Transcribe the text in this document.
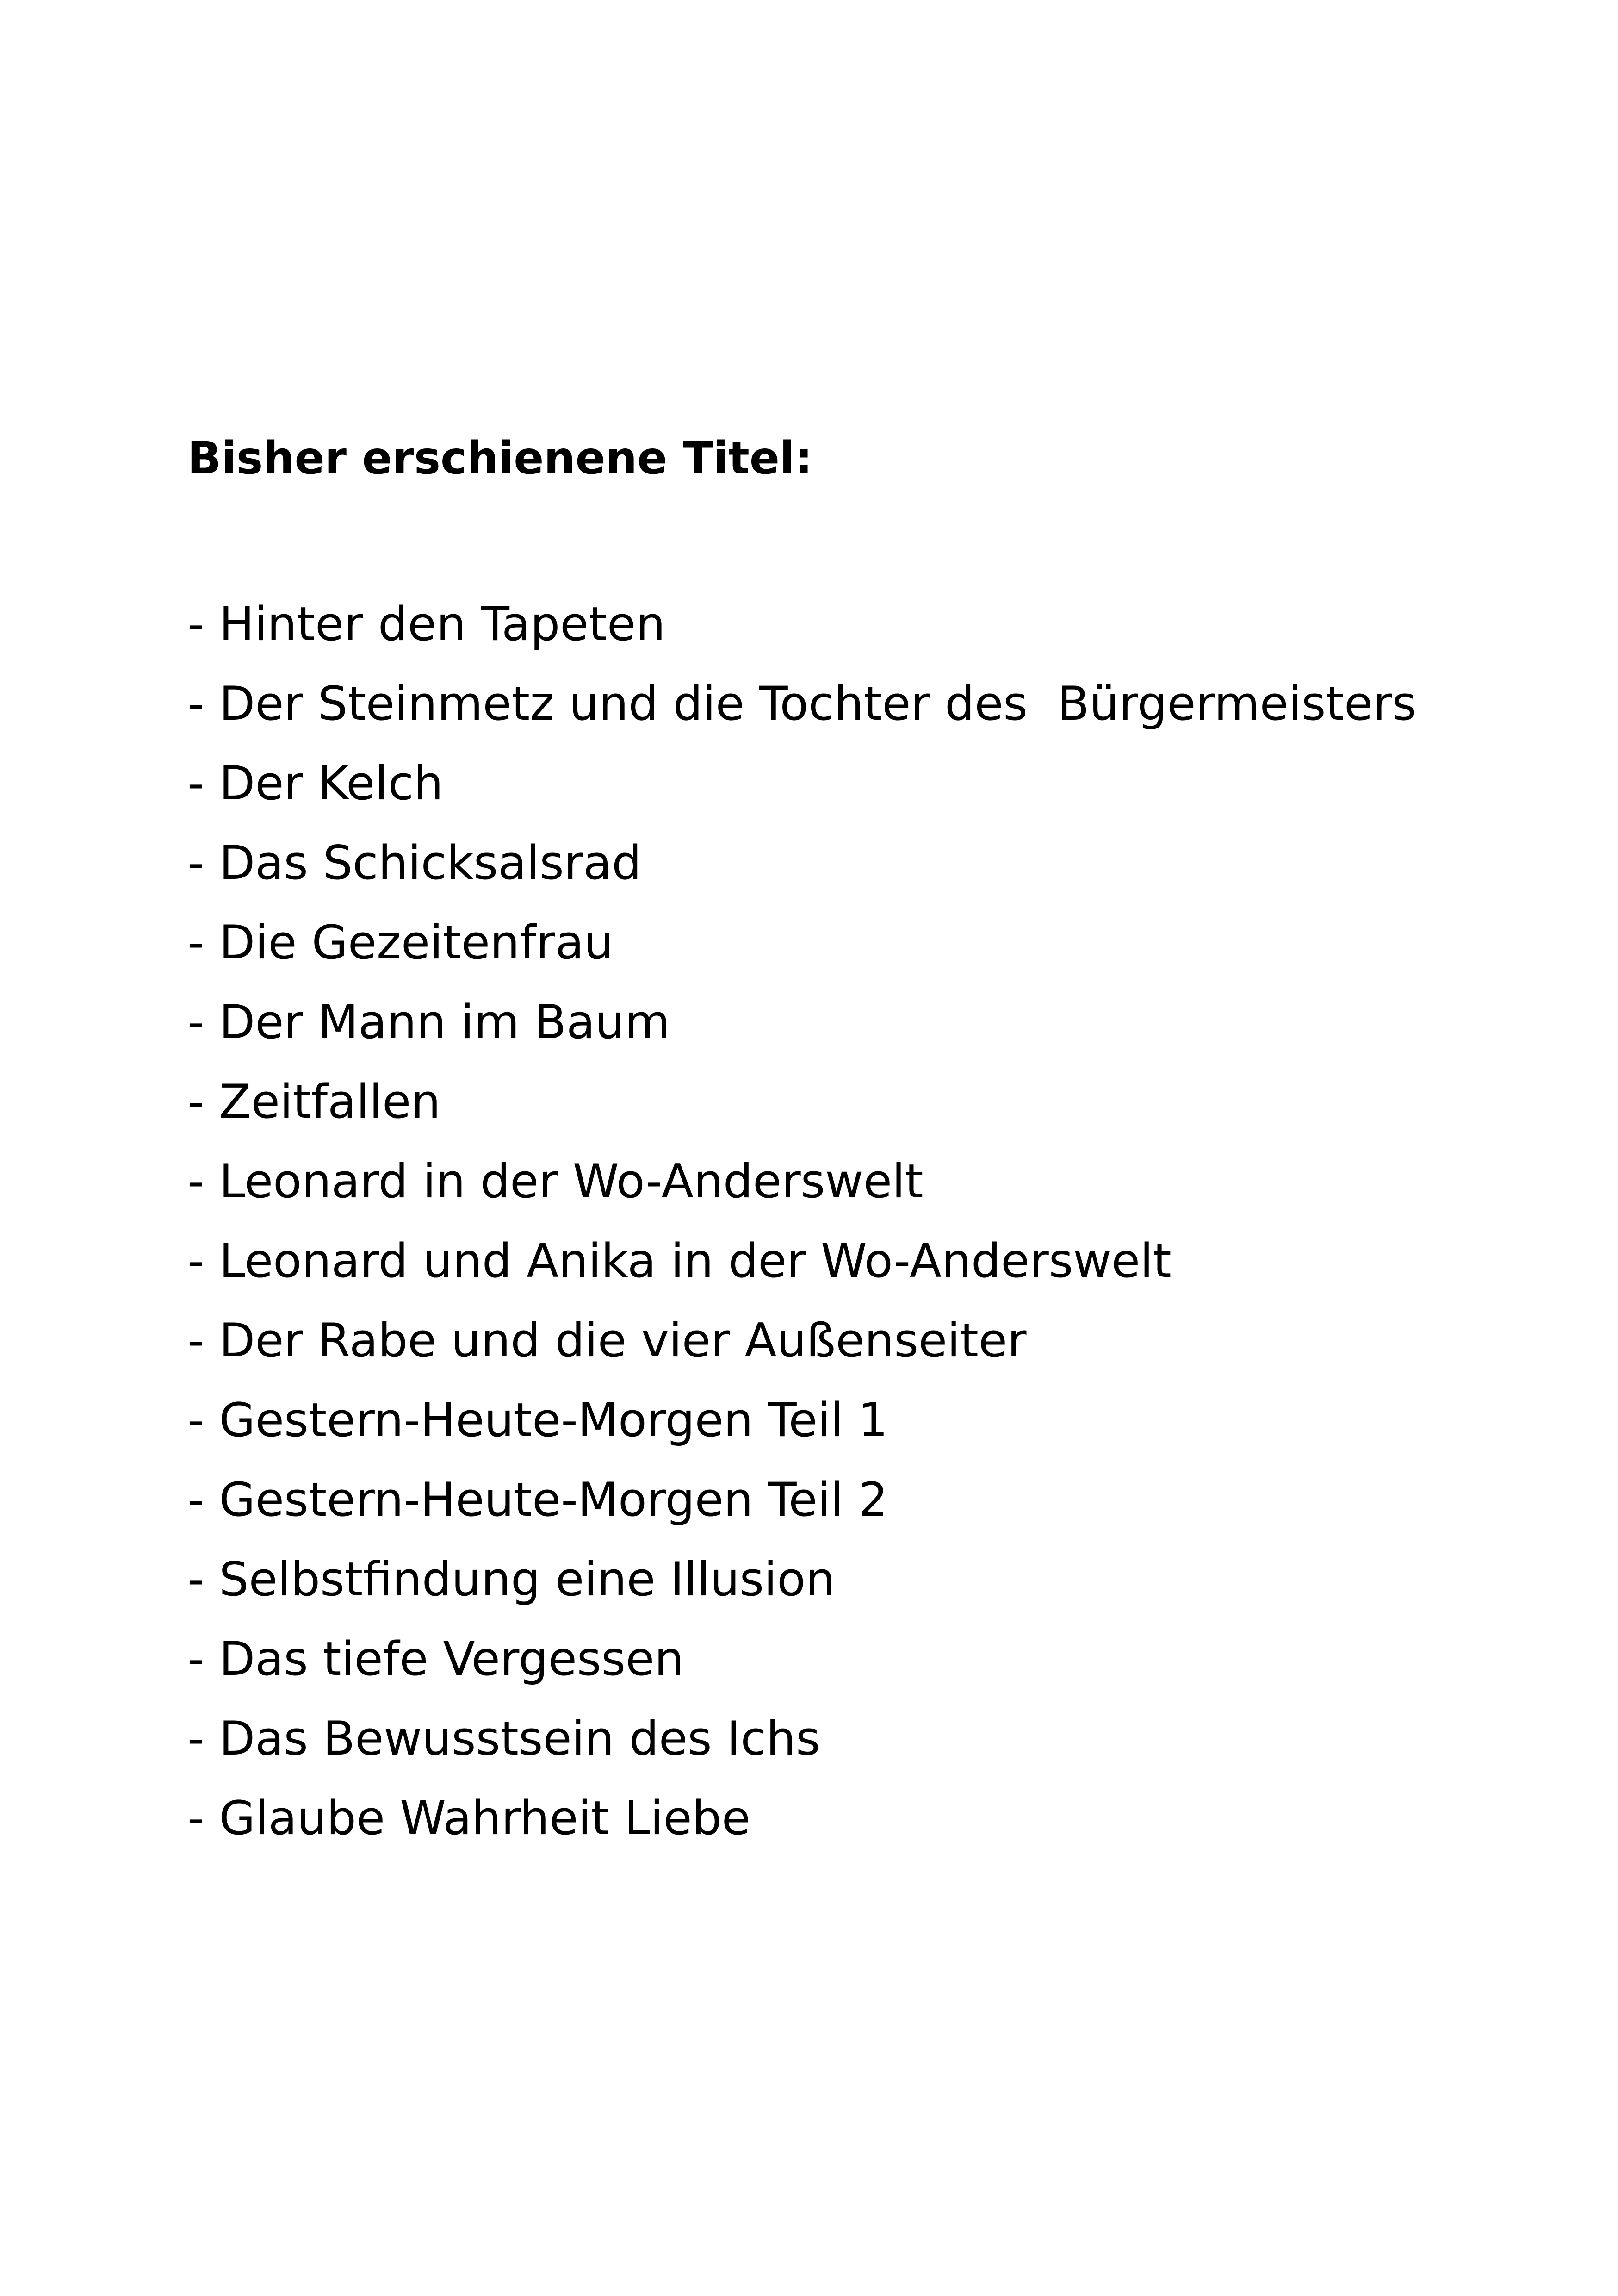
Bisher erschienene Titel:
- Hinter den Tapeten
- Der Steinmetz und die Tochter des  Bürgermeisters
- Der Kelch
- Das Schicksalsrad
- Die Gezeitenfrau
- Der Mann im Baum
- Zeitfallen
- Leonard in der Wo-Anderswelt
- Leonard und Anika in der Wo-Anderswelt
- Der Rabe und die vier Außenseiter
- Gestern-Heute-Morgen Teil 1
- Gestern-Heute-Morgen Teil 2
- Selbstfindung eine Illusion
- Das tiefe Vergessen
- Das Bewusstsein des Ichs
- Glaube Wahrheit Liebe
